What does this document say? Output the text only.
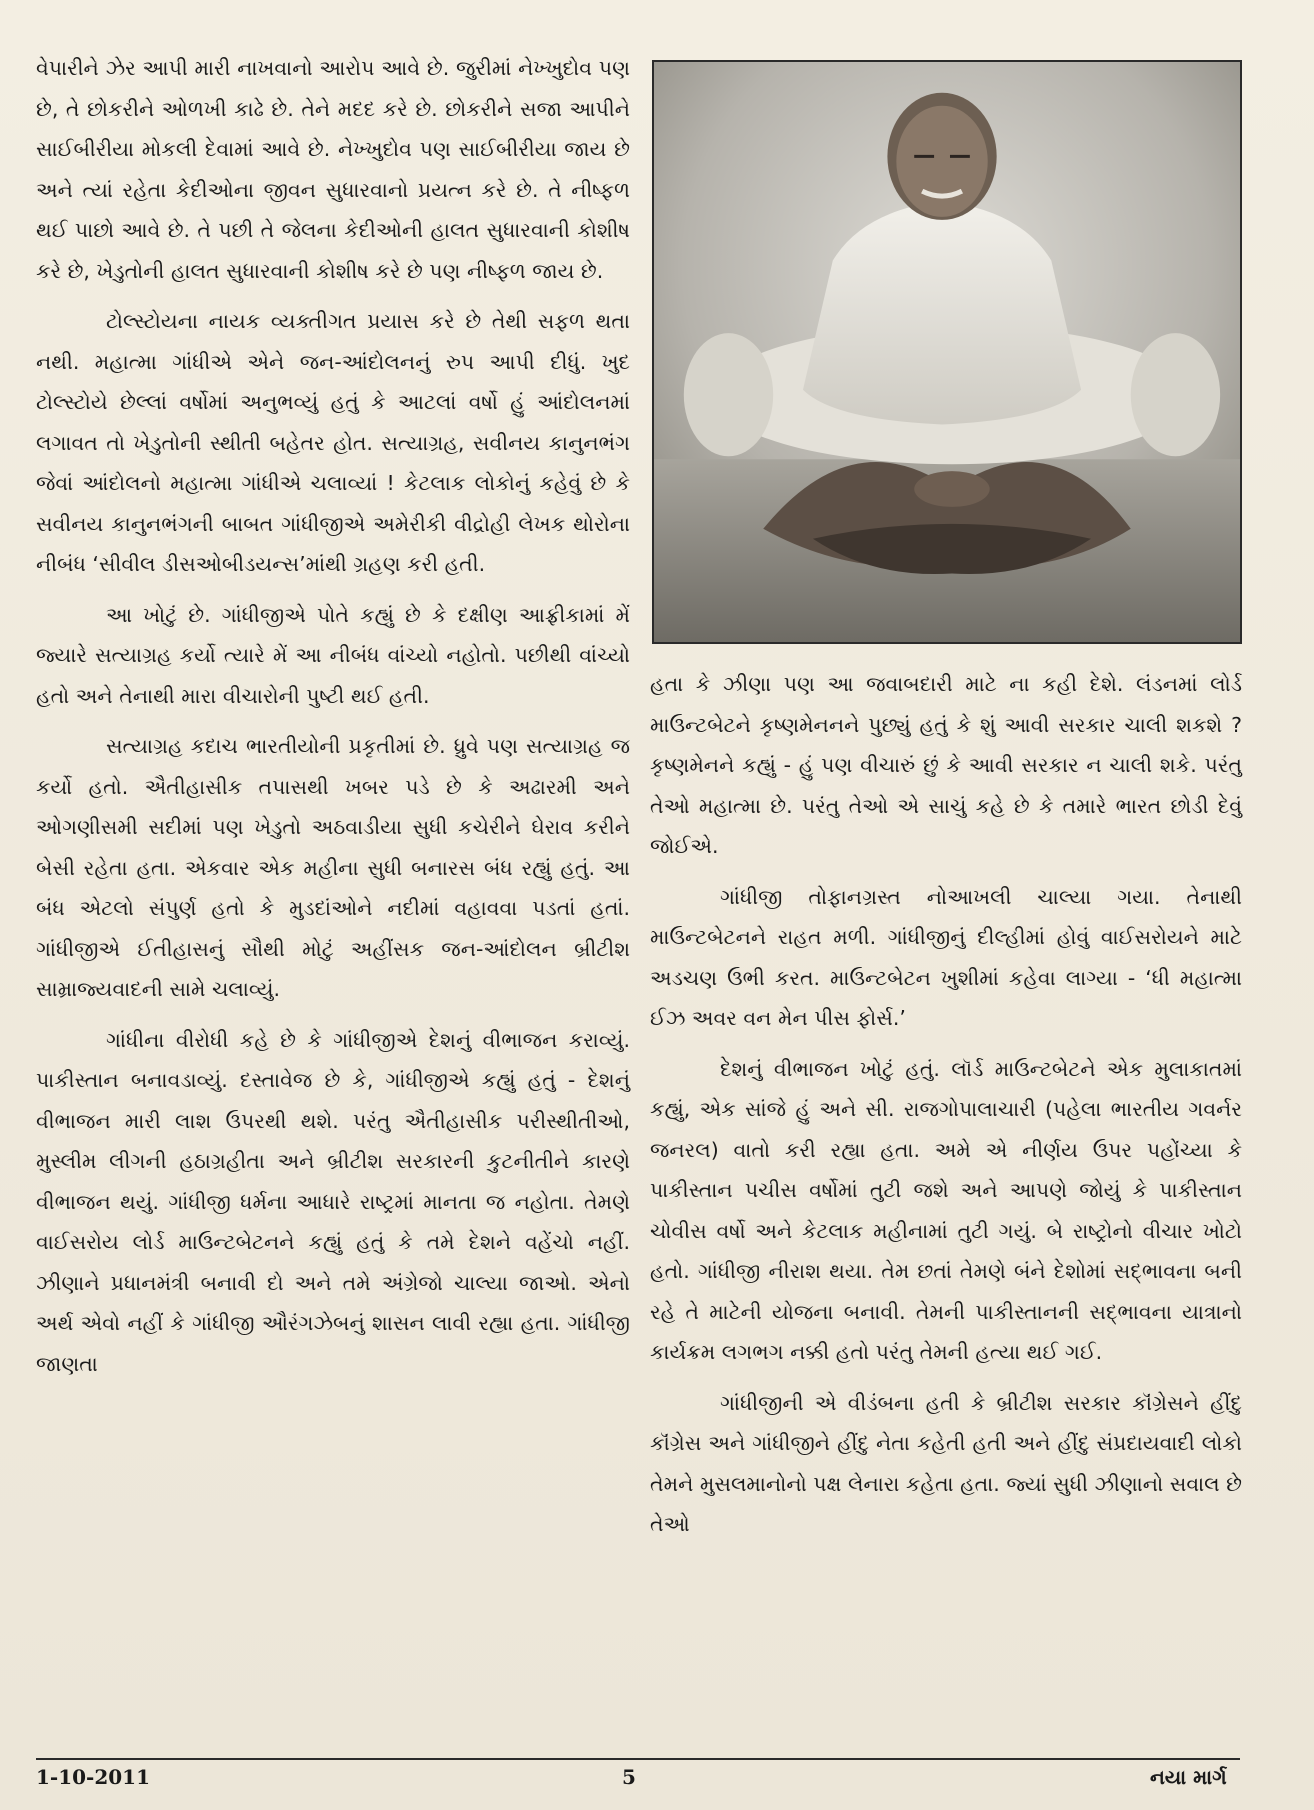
વેપારીને ઝેર આપી મારી નાખવાનો આરોપ આવે છે. જુરીમાં નેખ્ખુદોવ પણ છે, તે છોકરીને ઓળખી કાઢે છે. તેને મદદ કરે છે. છોકરીને સજા આપીને સાઈબીરીયા મોકલી દેવામાં આવે છે. નેખ્ખુદોવ પણ સાઈબીરીયા જાય છે અને ત્યાં રહેતા કેદીઓના જીવન સુધારવાનો પ્રયત્ન કરે છે. તે નીષ્ફળ થઈ પાછો આવે છે. તે પછી તે જેલના કેદીઓની હાલત સુધારવાની કોશીષ કરે છે, ખેડુતોની હાલત સુધારવાની કોશીષ કરે છે પણ નીષ્ફળ જાય છે.

ટોલ્સ્ટોયના નાયક વ્યક્તીગત પ્રયાસ કરે છે તેથી સફળ થતા નથી. મહાત્મા ગાંધીએ એને જન-આંદોલનનું રુપ આપી દીધું. ખુદ ટોલ્સ્ટોયે છેલ્લાં વર્ષોમાં અનુભવ્યું હતું કે આટલાં વર્ષો હું આંદોલનમાં લગાવત તો ખેડુતોની સ્થીતી બહેતર હોત. સત્યાગ્રહ, સવીનય કાનુનભંગ જેવાં આંદોલનો મહાત્મા ગાંધીએ ચલાવ્યાં ! કેટલાક લોકોનું કહેવું છે કે સવીનય કાનુનભંગની બાબત ગાંધીજીએ અમેરીકી વીદ્રોહી લેખક થોરોના નીબંધ ‘સીવીલ ડીસઓબીડયન્સ’માંથી ગ્રહણ કરી હતી.

આ ખોટું છે. ગાંધીજીએ પોતે કહ્યું છે કે દક્ષીણ આફ્રીકામાં મેં જ્યારે સત્યાગ્રહ કર્યો ત્યારે મેં આ નીબંધ વાંચ્યો નહોતો. પછીથી વાંચ્યો હતો અને તેનાથી મારા વીચારોની પુષ્ટી થઈ હતી.

સત્યાગ્રહ કદાચ ભારતીયોની પ્રકૃતીમાં છે. ધ્રુવે પણ સત્યાગ્રહ જ કર્યો હતો. ઐતીહાસીક તપાસથી ખબર પડે છે કે અઢારમી અને ઓગણીસમી સદીમાં પણ ખેડુતો અઠવાડીયા સુધી કચેરીને ઘેરાવ કરીને બેસી રહેતા હતા. એકવાર એક મહીના સુધી બનારસ બંધ રહ્યું હતું. આ બંધ એટલો સંપુર્ણ હતો કે મુડદાંઓને નદીમાં વહાવવા પડતાં હતાં. ગાંધીજીએ ઈતીહાસનું સૌથી મોટું અહીંસક જન-આંદોલન બ્રીટીશ સામ્રાજ્યવાદની સામે ચલાવ્યું.

ગાંધીના વીરોધી કહે છે કે ગાંધીજીએ દેશનું વીભાજન કરાવ્યું. પાકીસ્તાન બનાવડાવ્યું. દસ્તાવેજ છે કે, ગાંધીજીએ કહ્યું હતું - દેશનું વીભાજન મારી લાશ ઉપરથી થશે. પરંતુ ઐતીહાસીક પરીસ્થીતીઓ, મુસ્લીમ લીગની હઠાગ્રહીતા અને બ્રીટીશ સરકારની કુટનીતીને કારણે વીભાજન થયું. ગાંધીજી ધર્મના આધારે રાષ્ટ્રમાં માનતા જ નહોતા. તેમણે વાઈસરોય લોર્ડ માઉન્ટબેટનને કહ્યું હતું કે તમે દેશને વહેંચો નહીં. ઝીણાને પ્રધાનમંત્રી બનાવી દો અને તમે અંગ્રેજો ચાલ્યા જાઓ. એનો અર્થ એવો નહીં કે ગાંધીજી ઔરંગઝેબનું શાસન લાવી રહ્યા હતા. ગાંધીજી જાણતા

હતા કે ઝીણા પણ આ જવાબદારી માટે ના કહી દેશે. લંડનમાં લોર્ડ માઉન્ટબેટને કૃષ્ણમેનનને પુછ્યું હતું કે શું આવી સરકાર ચાલી શકશે ? કૃષ્ણમેનને કહ્યું - હું પણ વીચારું છું કે આવી સરકાર ન ચાલી શકે. પરંતુ તેઓ મહાત્મા છે. પરંતુ તેઓ એ સાચું કહે છે કે તમારે ભારત છોડી દેવું જોઈએ.

ગાંધીજી તોફાનગ્રસ્ત નોઆખલી ચાલ્યા ગયા. તેનાથી માઉન્ટબેટનને રાહત મળી. ગાંધીજીનું દીલ્હીમાં હોવું વાઈસરોયને માટે અડચણ ઉભી કરત. માઉન્ટબેટન ખુશીમાં કહેવા લાગ્યા - ‘ધી મહાત્મા ઈઝ અવર વન મેન પીસ ફોર્સ.’

દેશનું વીભાજન ખોટું હતું. લૉર્ડ માઉન્ટબેટને એક મુલાકાતમાં કહ્યું, એક સાંજે હું અને સી. રાજગોપાલાચારી (પહેલા ભારતીય ગવર્નર જનરલ) વાતો કરી રહ્યા હતા. અમે એ નીર્ણય ઉપર પહોંચ્યા કે પાકીસ્તાન પચીસ વર્ષોમાં તુટી જશે અને આપણે જોયું કે પાકીસ્તાન ચોવીસ વર્ષો અને કેટલાક મહીનામાં તુટી ગયું. બે રાષ્ટ્રોનો વીચાર ખોટો હતો. ગાંધીજી નીરાશ થયા. તેમ છતાં તેમણે બંને દેશોમાં સદ્ભાવના બની રહે તે માટેની યોજના બનાવી. તેમની પાકીસ્તાનની સદ્ભાવના યાત્રાનો કાર્યક્રમ લગભગ નક્કી હતો પરંતુ તેમની હત્યા થઈ ગઈ.

ગાંધીજીની એ વીડંબના હતી કે બ્રીટીશ સરકાર કૉંગ્રેસને હીંદુ કૉંગ્રેસ અને ગાંધીજીને હીંદુ નેતા કહેતી હતી અને હીંદુ સંપ્રદાયવાદી લોકો તેમને મુસલમાનોનો પક્ષ લેનારા કહેતા હતા. જ્યાં સુધી ઝીણાનો સવાલ છે તેઓ

1-10-2011	5	નયા માર્ગ
